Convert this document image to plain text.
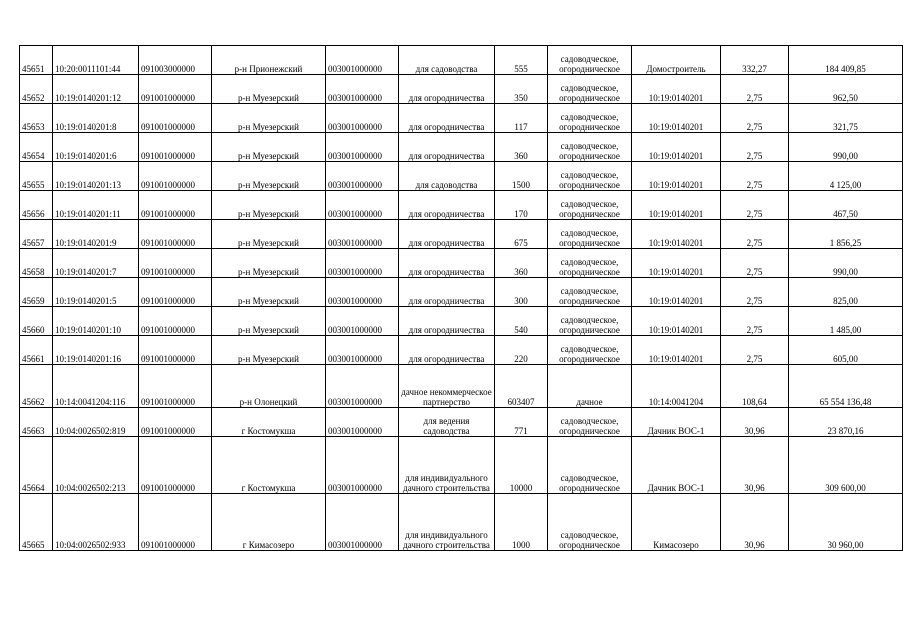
45651	10:20:0011101:44	091003000000	р-н Прионежский	003001000000	для садоводства	555	садоводческое, огородническое	Домостроитель	332,27	184 409,85
45652	10:19:0140201:12	091001000000	р-н Муезерский	003001000000	для огородничества	350	садоводческое, огородническое	10:19:0140201	2,75	962,50
45653	10:19:0140201:8	091001000000	р-н Муезерский	003001000000	для огородничества	117	садоводческое, огородническое	10:19:0140201	2,75	321,75
45654	10:19:0140201:6	091001000000	р-н Муезерский	003001000000	для огородничества	360	садоводческое, огородническое	10:19:0140201	2,75	990,00
45655	10:19:0140201:13	091001000000	р-н Муезерский	003001000000	для садоводства	1500	садоводческое, огородническое	10:19:0140201	2,75	4 125,00
45656	10:19:0140201:11	091001000000	р-н Муезерский	003001000000	для огородничества	170	садоводческое, огородническое	10:19:0140201	2,75	467,50
45657	10:19:0140201:9	091001000000	р-н Муезерский	003001000000	для огородничества	675	садоводческое, огородническое	10:19:0140201	2,75	1 856,25
45658	10:19:0140201:7	091001000000	р-н Муезерский	003001000000	для огородничества	360	садоводческое, огородническое	10:19:0140201	2,75	990,00
45659	10:19:0140201:5	091001000000	р-н Муезерский	003001000000	для огородничества	300	садоводческое, огородническое	10:19:0140201	2,75	825,00
45660	10:19:0140201:10	091001000000	р-н Муезерский	003001000000	для огородничества	540	садоводческое, огородническое	10:19:0140201	2,75	1 485,00
45661	10:19:0140201:16	091001000000	р-н Муезерский	003001000000	для огородничества	220	садоводческое, огородническое	10:19:0140201	2,75	605,00
45662	10:14:0041204:116	091001000000	р-н Олонецкий	003001000000	дачное некоммерческое партнерство	603407	дачное	10:14:0041204	108,64	65 554 136,48
45663	10:04:0026502:819	091001000000	г Костомукша	003001000000	для ведения садоводства	771	садоводческое, огородническое	Дачник ВОС-1	30,96	23 870,16
45664	10:04:0026502:213	091001000000	г Костомукша	003001000000	для индивидуального дачного строительства	10000	садоводческое, огородническое	Дачник ВОС-1	30,96	309 600,00
45665	10:04:0026502:933	091001000000	г Кимасозеро	003001000000	для индивидуального дачного строительства	1000	садоводческое, огородническое	Кимасозеро	30,96	30 960,00
